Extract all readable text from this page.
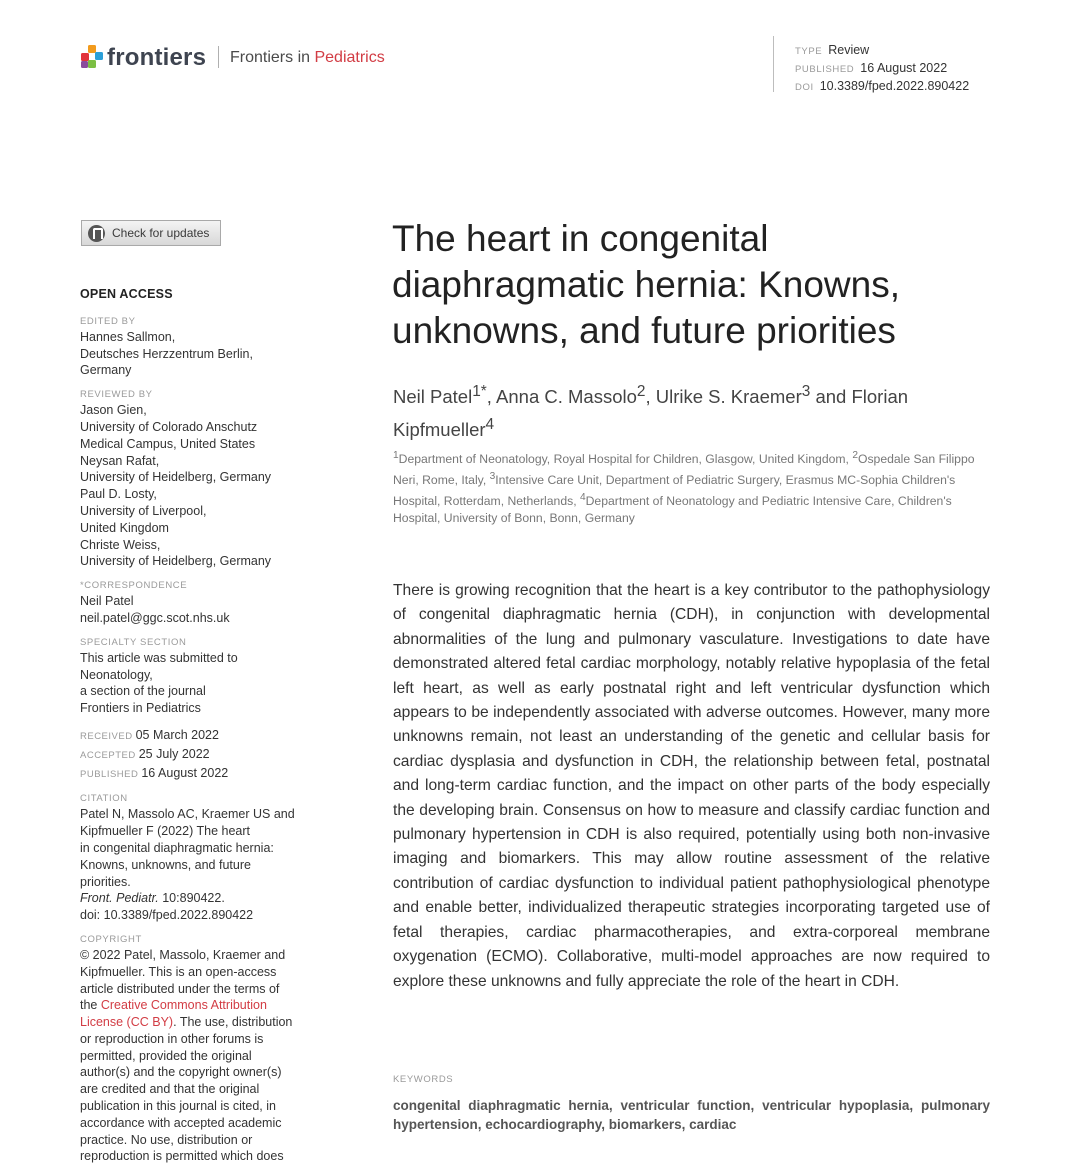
frontiers Frontiers in Pediatrics	TYPE Review
PUBLISHED 16 August 2022
DOI 10.3389/fped.2022.890422
Check for updates
OPEN ACCESS
EDITED BY
Hannes Sallmon,
Deutsches Herzzentrum Berlin,
Germany
REVIEWED BY
Jason Gien,
University of Colorado Anschutz
Medical Campus, United States
Neysan Rafat,
University of Heidelberg, Germany
Paul D. Losty,
University of Liverpool,
United Kingdom
Christe Weiss,
University of Heidelberg, Germany
*CORRESPONDENCE
Neil Patel
neil.patel@ggc.scot.nhs.uk
SPECIALTY SECTION
This article was submitted to
Neonatology,
a section of the journal
Frontiers in Pediatrics
RECEIVED 05 March 2022
ACCEPTED 25 July 2022
PUBLISHED 16 August 2022
CITATION
Patel N, Massolo AC, Kraemer US and
Kipfmueller F (2022) The heart
in congenital diaphragmatic hernia:
Knowns, unknowns, and future
priorities.
Front. Pediatr. 10:890422.
doi: 10.3389/fped.2022.890422
COPYRIGHT
© 2022 Patel, Massolo, Kraemer and
Kipfmueller. This is an open-access
article distributed under the terms of
the Creative Commons Attribution
License (CC BY). The use, distribution
or reproduction in other forums is
permitted, provided the original
author(s) and the copyright owner(s)
are credited and that the original
publication in this journal is cited, in
accordance with accepted academic
practice. No use, distribution or
reproduction is permitted which does
The heart in congenital diaphragmatic hernia: Knowns, unknowns, and future priorities
Neil Patel$^{1*}$, Anna C. Massolo$^2$, Ulrike S. Kraemer$^3$ and Florian Kipfmueller$^4$
$^1$Department of Neonatology, Royal Hospital for Children, Glasgow, United Kingdom, $^2$Ospedale San Filippo Neri, Rome, Italy, $^3$Intensive Care Unit, Department of Pediatric Surgery, Erasmus MC-Sophia Children's Hospital, Rotterdam, Netherlands, $^4$Department of Neonatology and Pediatric Intensive Care, Children's Hospital, University of Bonn, Bonn, Germany

There is growing recognition that the heart is a key contributor to the pathophysiology of congenital diaphragmatic hernia (CDH), in conjunction with developmental abnormalities of the lung and pulmonary vasculature. Investigations to date have demonstrated altered fetal cardiac morphology, notably relative hypoplasia of the fetal left heart, as well as early postnatal right and left ventricular dysfunction which appears to be independently associated with adverse outcomes. However, many more unknowns remain, not least an understanding of the genetic and cellular basis for cardiac dysplasia and dysfunction in CDH, the relationship between fetal, postnatal and long-term cardiac function, and the impact on other parts of the body especially the developing brain. Consensus on how to measure and classify cardiac function and pulmonary hypertension in CDH is also required, potentially using both non-invasive imaging and biomarkers. This may allow routine assessment of the relative contribution of cardiac dysfunction to individual patient pathophysiological phenotype and enable better, individualized therapeutic strategies incorporating targeted use of fetal therapies, cardiac pharmacotherapies, and extra-corporeal membrane oxygenation (ECMO). Collaborative, multi-model approaches are now required to explore these unknowns and fully appreciate the role of the heart in CDH.

KEYWORDS

congenital diaphragmatic hernia, ventricular function, ventricular hypoplasia, pulmonary hypertension, echocardiography, biomarkers, cardiac
